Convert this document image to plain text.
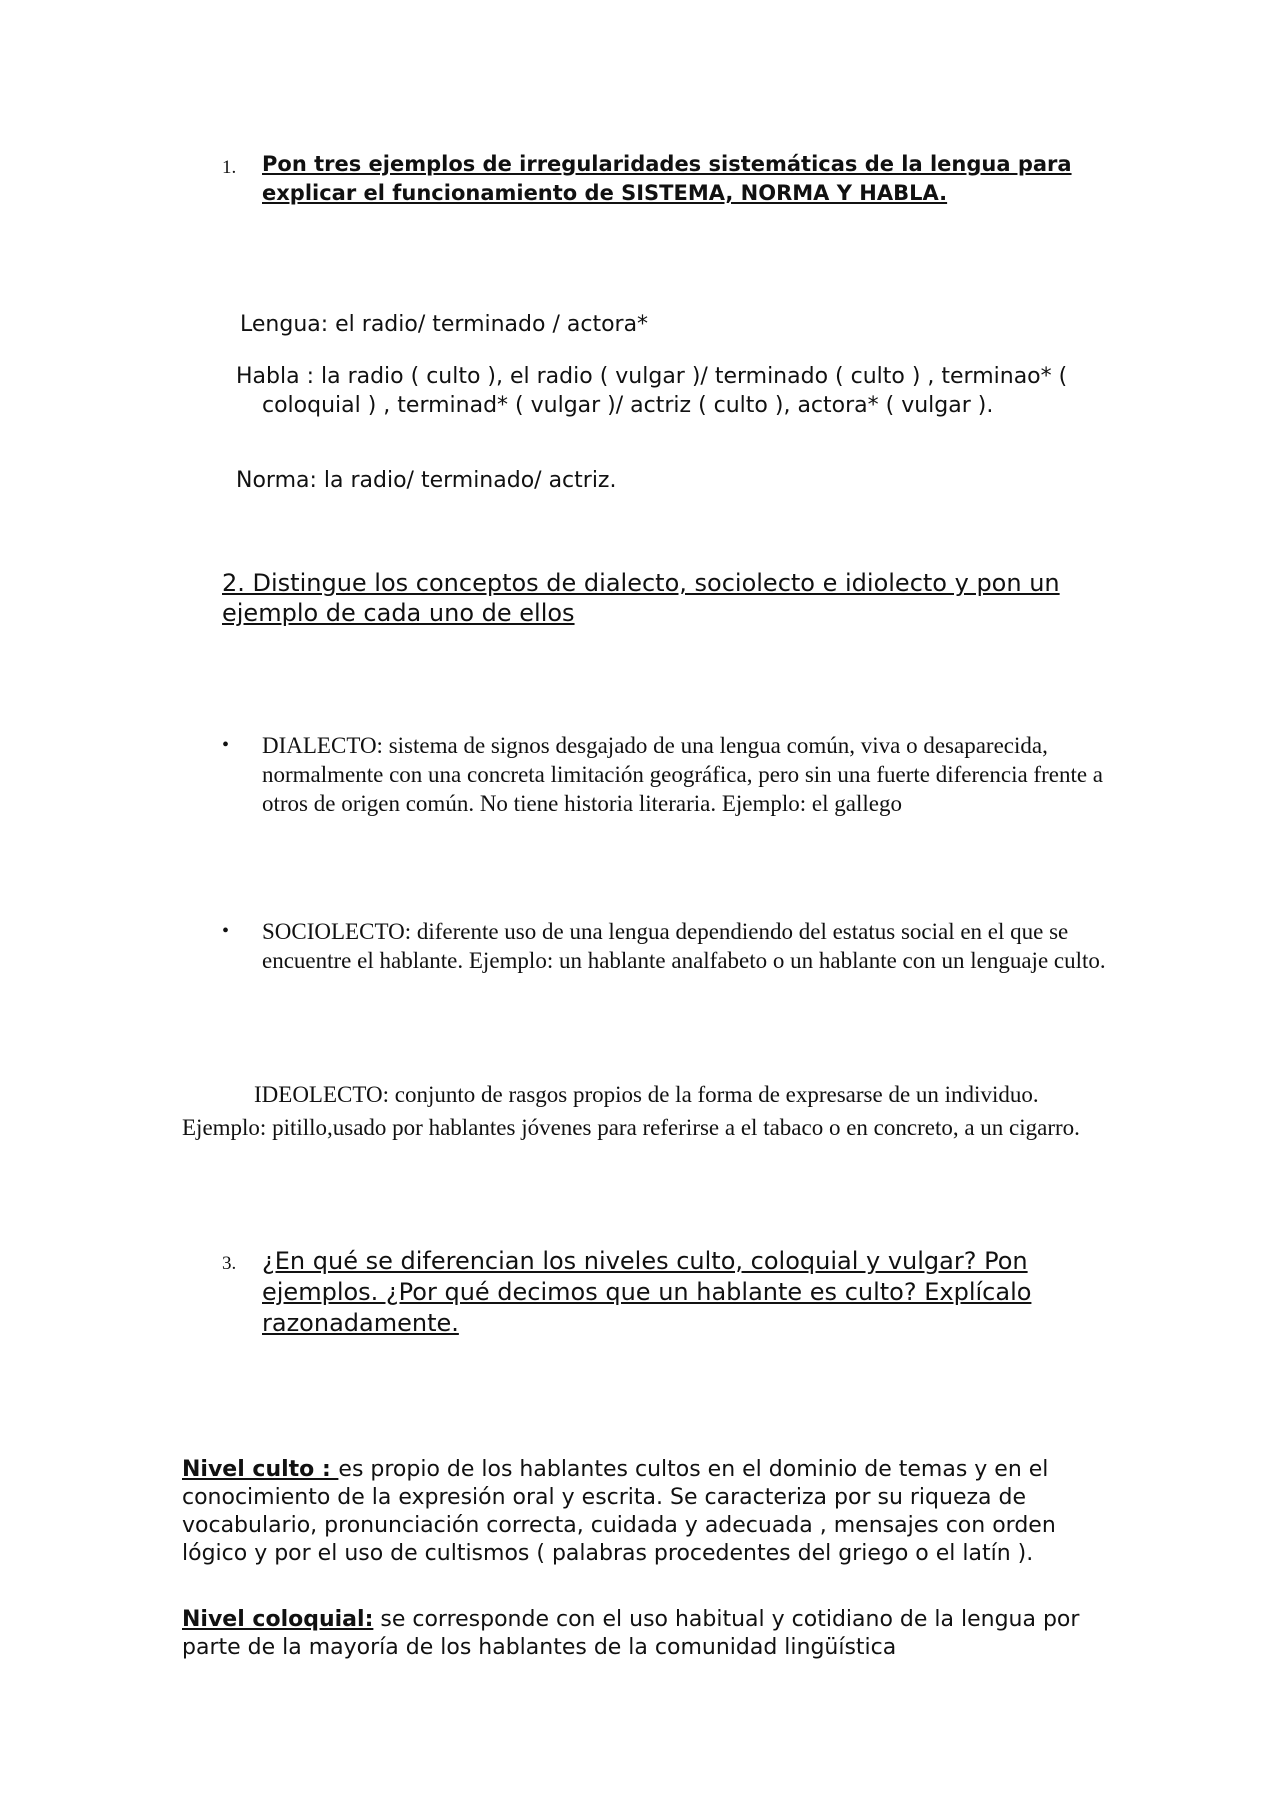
1. Pon tres ejemplos de irregularidades sistemáticas de la lengua para explicar el funcionamiento de SISTEMA, NORMA Y HABLA.
Lengua: el radio/ terminado / actora*
Habla : la radio ( culto ), el radio ( vulgar )/ terminado ( culto ) , terminao* (coloquial ) , terminad* ( vulgar )/ actriz ( culto ), actora* ( vulgar ).
Norma: la radio/ terminado/ actriz.
2. Distingue los conceptos de dialecto, sociolecto e idiolecto y pon un ejemplo de cada uno de ellos
• DIALECTO: sistema de signos desgajado de una lengua común, viva o desaparecida, normalmente con una concreta limitación geográfica, pero sin una fuerte diferencia frente a otros de origen común. No tiene historia literaria. Ejemplo: el gallego
• SOCIOLECTO: diferente uso de una lengua dependiendo del estatus social en el que se encuentre el hablante. Ejemplo: un hablante analfabeto o un hablante con un lenguaje culto.
IDEOLECTO: conjunto de rasgos propios de la forma de expresarse de un individuo. Ejemplo: pitillo,usado por hablantes jóvenes para referirse a el tabaco o en concreto, a un cigarro.
3. ¿En qué se diferencian los niveles culto, coloquial y vulgar? Pon ejemplos. ¿Por qué decimos que un hablante es culto? Explícalo razonadamente.
Nivel culto : es propio de los hablantes cultos en el dominio de temas y en el conocimiento de la expresión oral y escrita. Se caracteriza por su riqueza de vocabulario, pronunciación correcta, cuidada y adecuada , mensajes con orden lógico y por el uso de cultismos ( palabras procedentes del griego o el latín ).
Nivel coloquial: se corresponde con el uso habitual y cotidiano de la lengua por parte de la mayoría de los hablantes de la comunidad lingüística
